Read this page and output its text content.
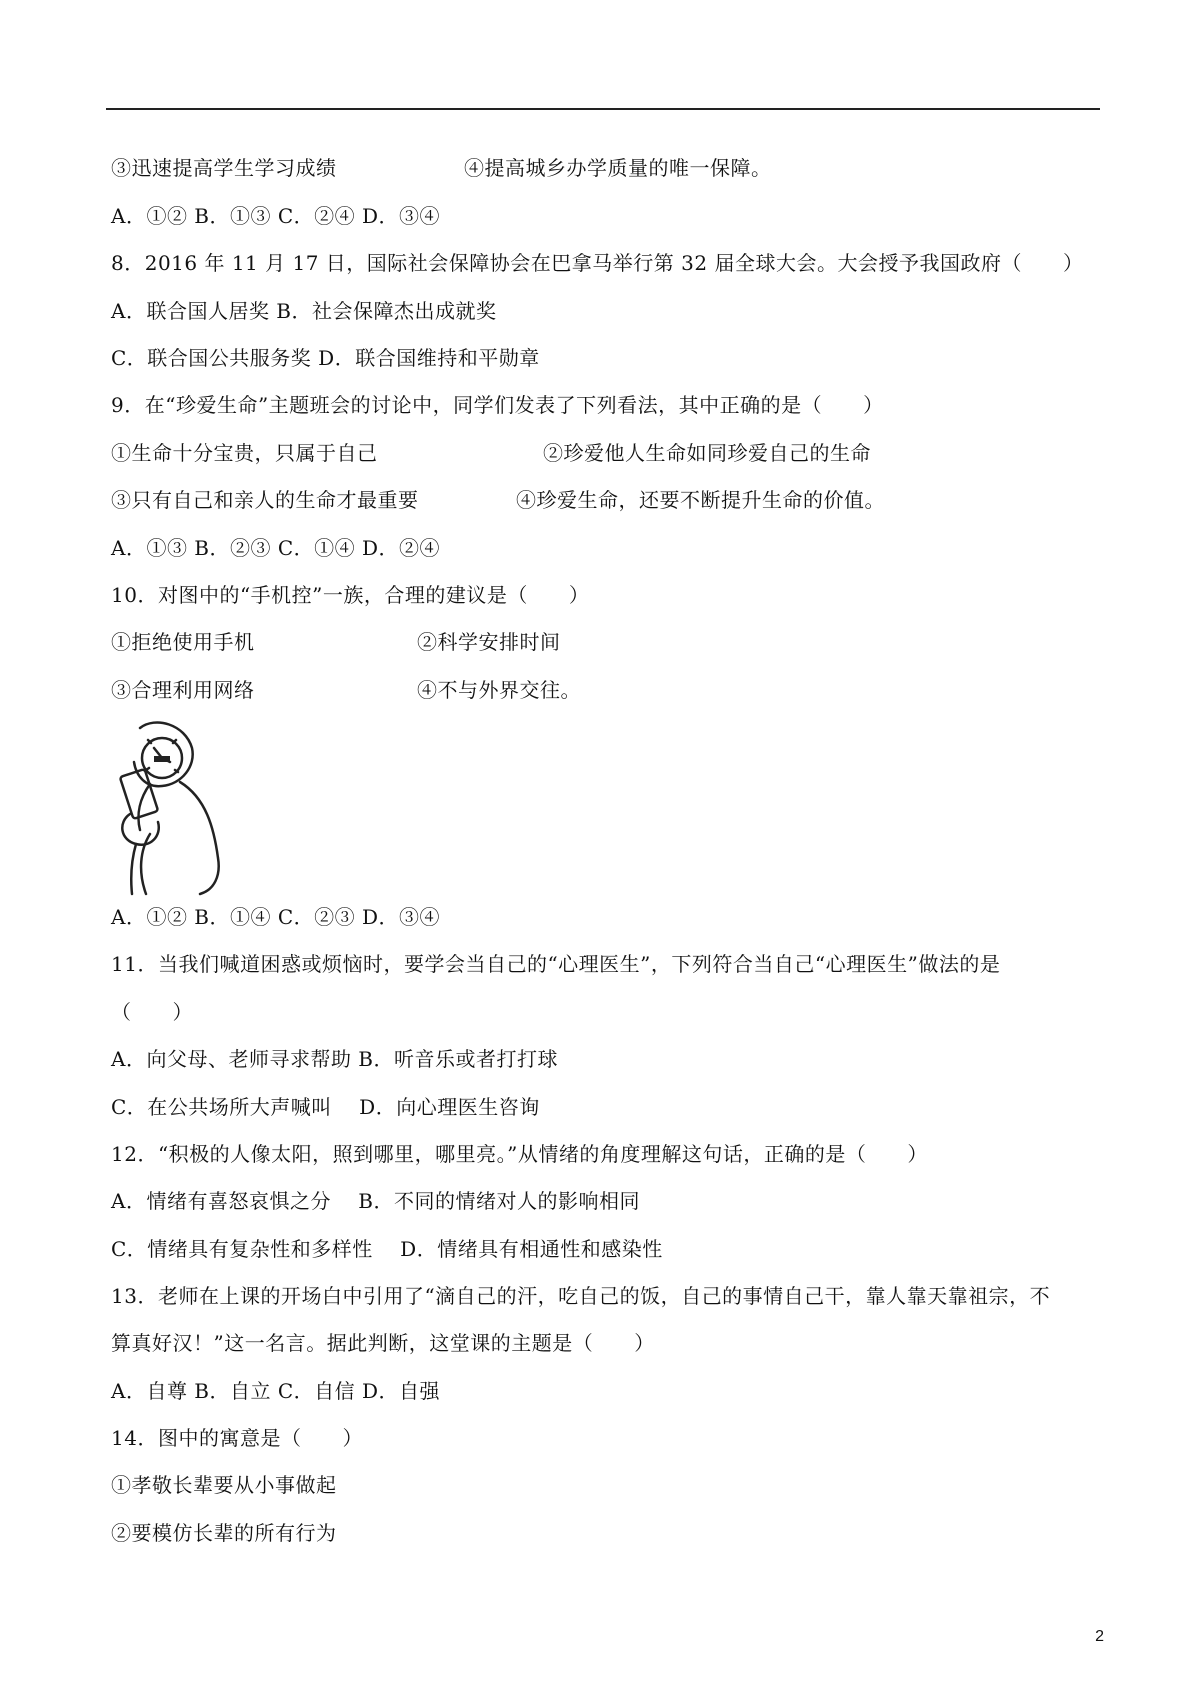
③迅速提高学生学习成绩	④提高城乡办学质量的唯一保障。
A．①② B．①③ C．②④ D．③④
8．2016 年 11 月 17 日，国际社会保障协会在巴拿马举行第 32 届全球大会。大会授予我国政府（　　）
A．联合国人居奖 B．社会保障杰出成就奖
C．联合国公共服务奖 D．联合国维持和平勋章
9．在“珍爱生命”主题班会的讨论中，同学们发表了下列看法，其中正确的是（　　）
①生命十分宝贵，只属于自己	②珍爱他人生命如同珍爱自己的生命
③只有自己和亲人的生命才最重要	④珍爱生命，还要不断提升生命的价值。
A．①③ B．②③ C．①④ D．②④
10．对图中的“手机控”一族，合理的建议是（　　）
①拒绝使用手机	②科学安排时间
③合理利用网络	④不与外界交往。
A．①② B．①④ C．②③ D．③④
11．当我们喊道困惑或烦恼时，要学会当自己的“心理医生”，下列符合当自己“心理医生”做法的是
（　　）
A．向父母、老师寻求帮助 B．听音乐或者打打球
C．在公共场所大声喊叫　 D．向心理医生咨询
12．“积极的人像太阳，照到哪里，哪里亮。”从情绪的角度理解这句话，正确的是（　　）
A．情绪有喜怒哀惧之分　 B．不同的情绪对人的影响相同
C．情绪具有复杂性和多样性　 D．情绪具有相通性和感染性
13．老师在上课的开场白中引用了“滴自己的汗，吃自己的饭，自己的事情自己干，靠人靠天靠祖宗，不
算真好汉！”这一名言。据此判断，这堂课的主题是（　　）
A．自尊 B．自立 C．自信 D．自强
14．图中的寓意是（　　）
①孝敬长辈要从小事做起
②要模仿长辈的所有行为
2
